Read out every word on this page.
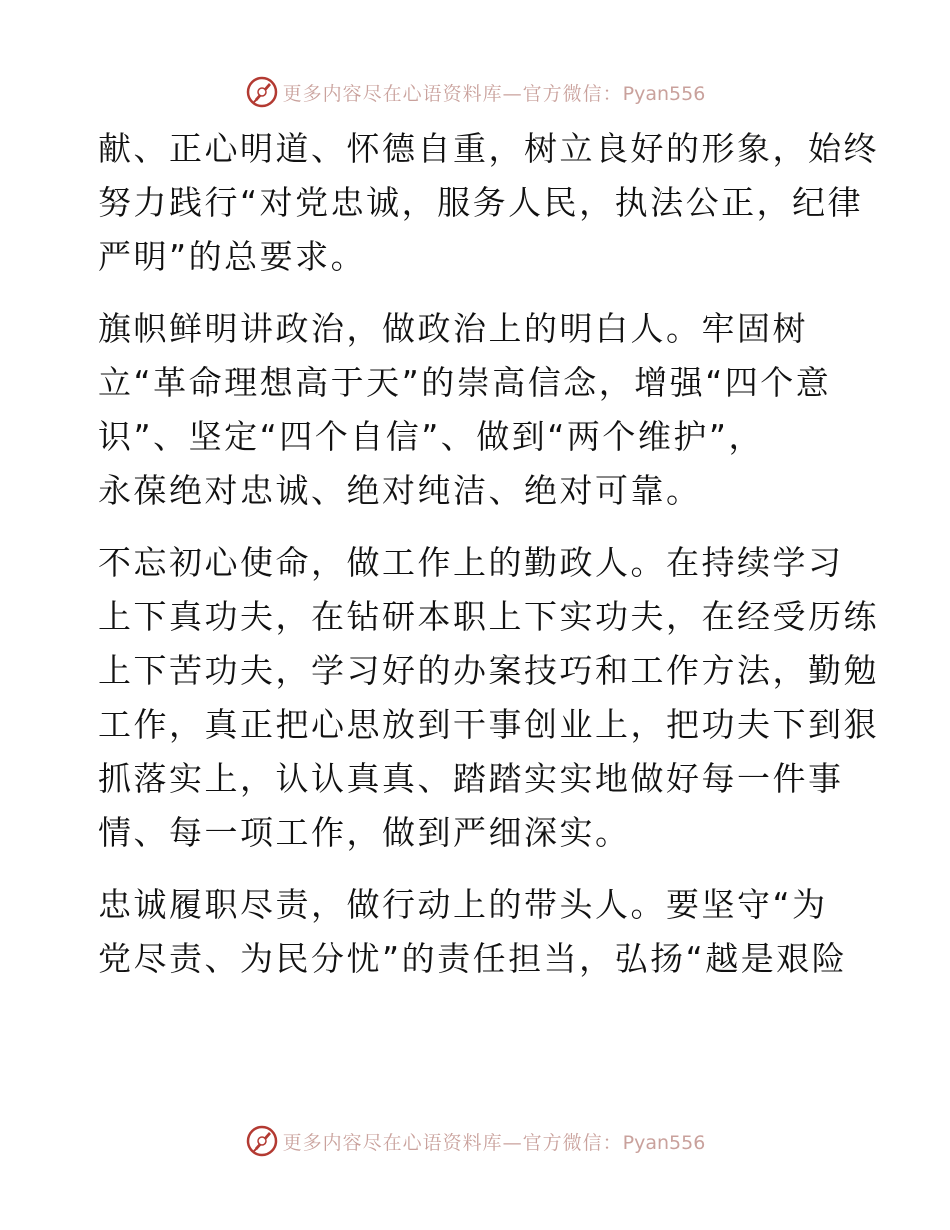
更多内容尽在心语资料库—官方微信：Pyan556
献、正心明道、怀德自重，树立良好的形象，始终
努力践行“对党忠诚，服务人民，执法公正，纪律
严明”的总要求。
旗帜鲜明讲政治，做政治上的明白人。牢固树
立“革命理想高于天”的崇高信念，增强“四个意
识”、坚定“四个自信”、做到“两个维护”，
永葆绝对忠诚、绝对纯洁、绝对可靠。
不忘初心使命，做工作上的勤政人。在持续学习
上下真功夫，在钻研本职上下实功夫，在经受历练
上下苦功夫，学习好的办案技巧和工作方法，勤勉
工作，真正把心思放到干事创业上，把功夫下到狠
抓落实上，认认真真、踏踏实实地做好每一件事
情、每一项工作，做到严细深实。
忠诚履职尽责，做行动上的带头人。要坚守“为
党尽责、为民分忧”的责任担当，弘扬“越是艰险
更多内容尽在心语资料库—官方微信：Pyan556
